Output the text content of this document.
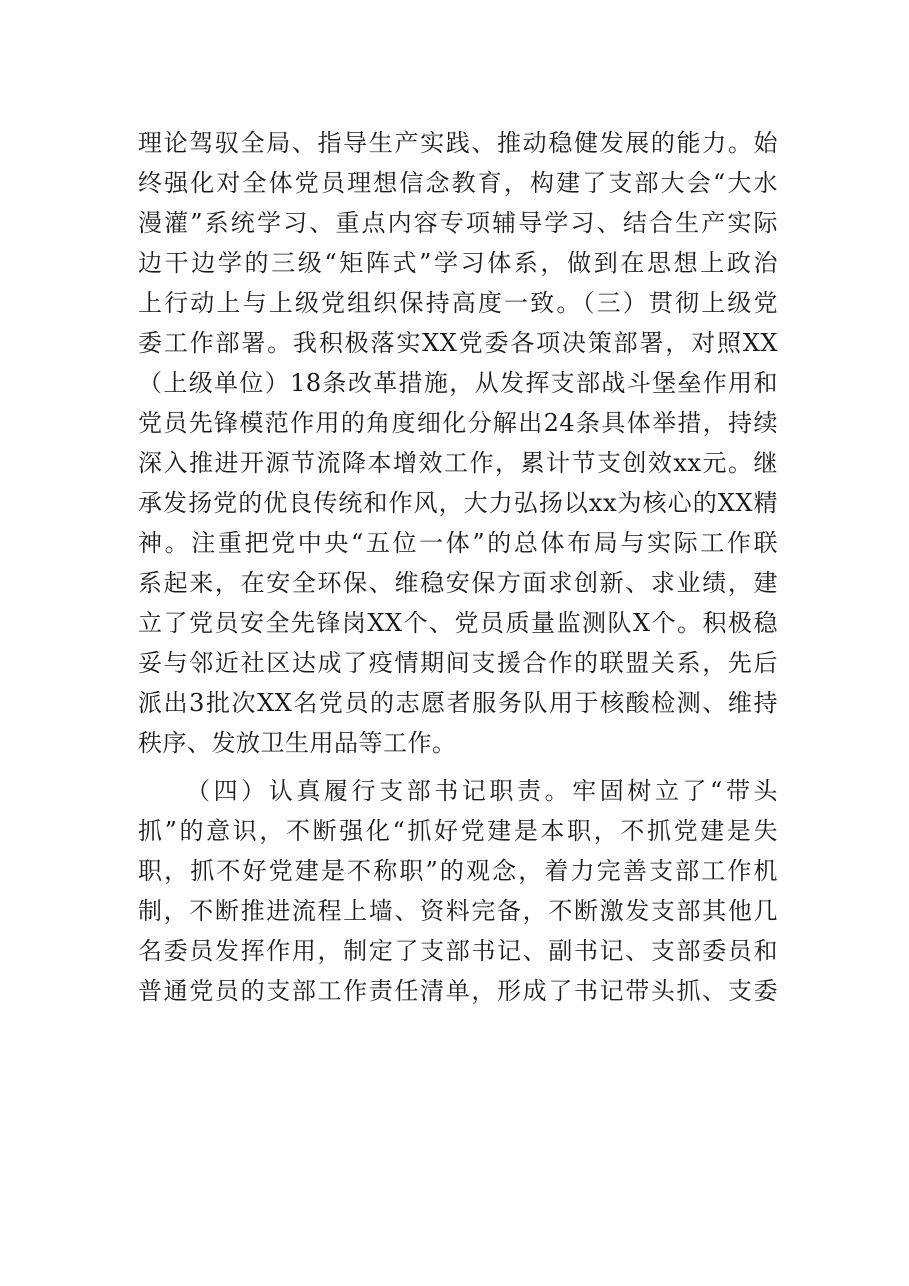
理论驾驭全局、指导生产实践、推动稳健发展的能力。始
终强化对全体党员理想信念教育，构建了支部大会“大水
漫灌”系统学习、重点内容专项辅导学习、结合生产实际
边干边学的三级“矩阵式”学习体系，做到在思想上政治
上行动上与上级党组织保持高度一致。（三）贯彻上级党
委工作部署。我积极落实XX党委各项决策部署，对照XX
（上级单位）18条改革措施，从发挥支部战斗堡垒作用和
党员先锋模范作用的角度细化分解出24条具体举措，持续
深入推进开源节流降本增效工作，累计节支创效xx元。继
承发扬党的优良传统和作风，大力弘扬以xx为核心的XX精
神。注重把党中央“五位一体”的总体布局与实际工作联
系起来，在安全环保、维稳安保方面求创新、求业绩，建
立了党员安全先锋岗XX个、党员质量监测队X个。积极稳
妥与邻近社区达成了疫情期间支援合作的联盟关系，先后
派出3批次XX名党员的志愿者服务队用于核酸检测、维持
秩序、发放卫生用品等工作。
（四）认真履行支部书记职责。牢固树立了“带头
抓”的意识，不断强化“抓好党建是本职，不抓党建是失
职，抓不好党建是不称职”的观念，着力完善支部工作机
制，不断推进流程上墙、资料完备，不断激发支部其他几
名委员发挥作用，制定了支部书记、副书记、支部委员和
普通党员的支部工作责任清单，形成了书记带头抓、支委
